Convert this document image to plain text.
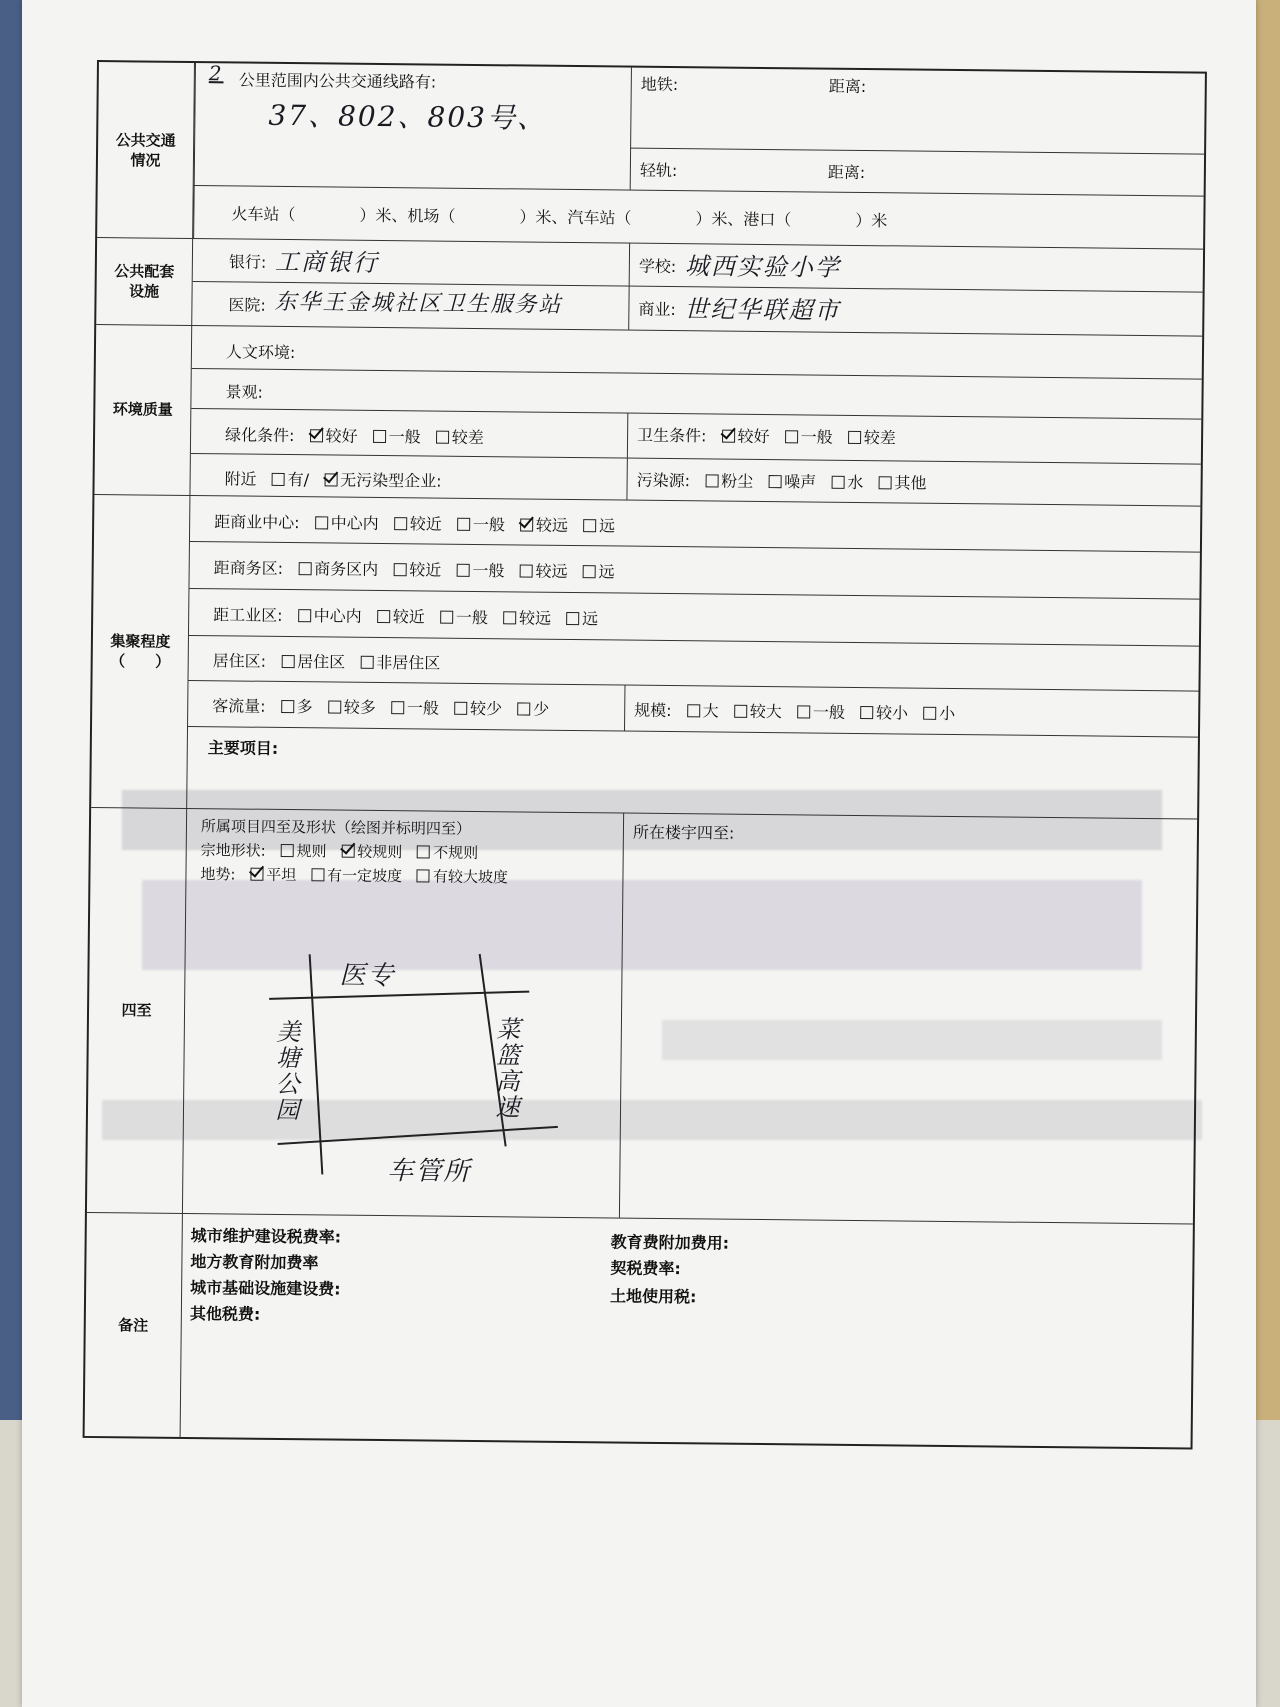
公共交通
情况
2 公里范围内公共交通线路有:
37、802、803号、
地铁:	距离:
轻轨:	距离:
火车站（　　　　）米、机场（　　　　）米、汽车站（　　　　）米、港口（　　　　）米
公共配套
设施
银行: 工商银行	学校: 城西实验小学
医院: 东华王金城社区卫生服务站	商业: 世纪华联超市
环境质量
人文环境:
景观:
绿化条件: 较好 一般 较差	卫生条件: 较好 一般 较差
附近 有/ 无污染型企业:	污染源: 粉尘 噪声 水 其他
集聚程度
（　　）
距商业中心: 中心内 较近 一般 较远 远
距商务区: 商务区内 较近 一般 较远 远
距工业区: 中心内 较近 一般 较远 远
居住区: 居住区 非居住区
客流量: 多 较多 一般 较少 少	规模: 大 较大 一般 较小 小
主要项目:
四至
所属项目四至及形状（绘图并标明四至）	所在楼宇四至:
宗地形状: 规则 较规则 不规则
地势: 平坦 有一定坡度 有较大坡度
医专
美塘公园	菜篮高速
车管所
备注
城市维护建设税费率:
地方教育附加费率
城市基础设施建设费:
其他税费:
教育费附加费用:
契税费率:
土地使用税:
